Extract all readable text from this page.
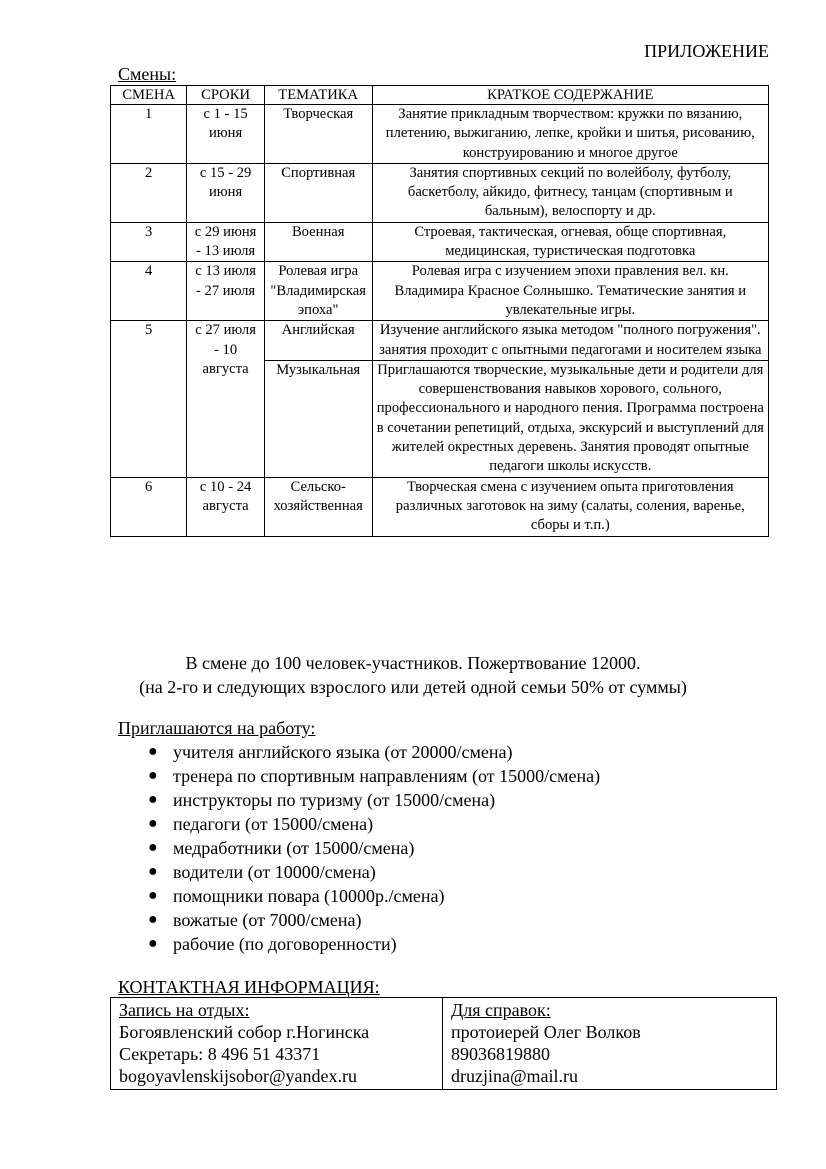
ПРИЛОЖЕНИЕ
Смены:
СМЕНА	СРОКИ	ТЕМАТИКА	КРАТКОЕ СОДЕРЖАНИЕ
1	с 1 - 15 июня	Творческая	Занятие прикладным творчеством: кружки по вязанию, плетению, выжиганию, лепке, кройки и шитья, рисованию, конструированию и многое другое
2	с 15 - 29 июня	Спортивная	Занятия спортивных секций по волейболу, футболу, баскетболу, айкидо, фитнесу, танцам (спортивным и бальным), велоспорту и др.
3	с 29 июня - 13 июля	Военная	Строевая, тактическая, огневая, обще спортивная, медицинская, туристическая подготовка
4	с 13 июля - 27 июля	Ролевая игра "Владимирская эпоха"	Ролевая игра с изучением эпохи правления вел. кн. Владимира Красное Солнышко. Тематические занятия и увлекательные игры.
5	с 27 июля - 10 августа	Английская	Изучение английского языка методом "полного погружения". занятия проходит с опытными педагогами и носителем языка
		Музыкальная	Приглашаются творческие, музыкальные дети и родители для совершенствования навыков хорового, сольного, профессионального и народного пения. Программа построена в сочетании репетиций, отдыха, экскурсий и выступлений для жителей окрестных деревень. Занятия проводят опытные педагоги школы искусств.
6	с 10 - 24 августа	Сельско-хозяйственная	Творческая смена с изучением опыта приготовления различных заготовок на зиму (салаты, соления, варенье, сборы и т.п.)
В смене до 100 человек-участников. Пожертвование 12000.
(на 2-го и следующих взрослого или детей одной семьи 50% от суммы)
Приглашаются на работу:
● учителя английского языка (от 20000/смена)
● тренера по спортивным направлениям (от 15000/смена)
● инструкторы по туризму (от 15000/смена)
● педагоги (от 15000/смена)
● медработники (от 15000/смена)
● водители (от 10000/смена)
● помощники повара (10000р./смена)
● вожатые (от 7000/смена)
● рабочие (по договоренности)
КОНТАКТНАЯ ИНФОРМАЦИЯ:
Запись на отдых:
Богоявленский собор г.Ногинска
Секретарь: 8 496 51 43371
bogoyavlenskijsobor@yandex.ru

Для справок:
протоиерей Олег Волков
89036819880
druzjina@mail.ru
